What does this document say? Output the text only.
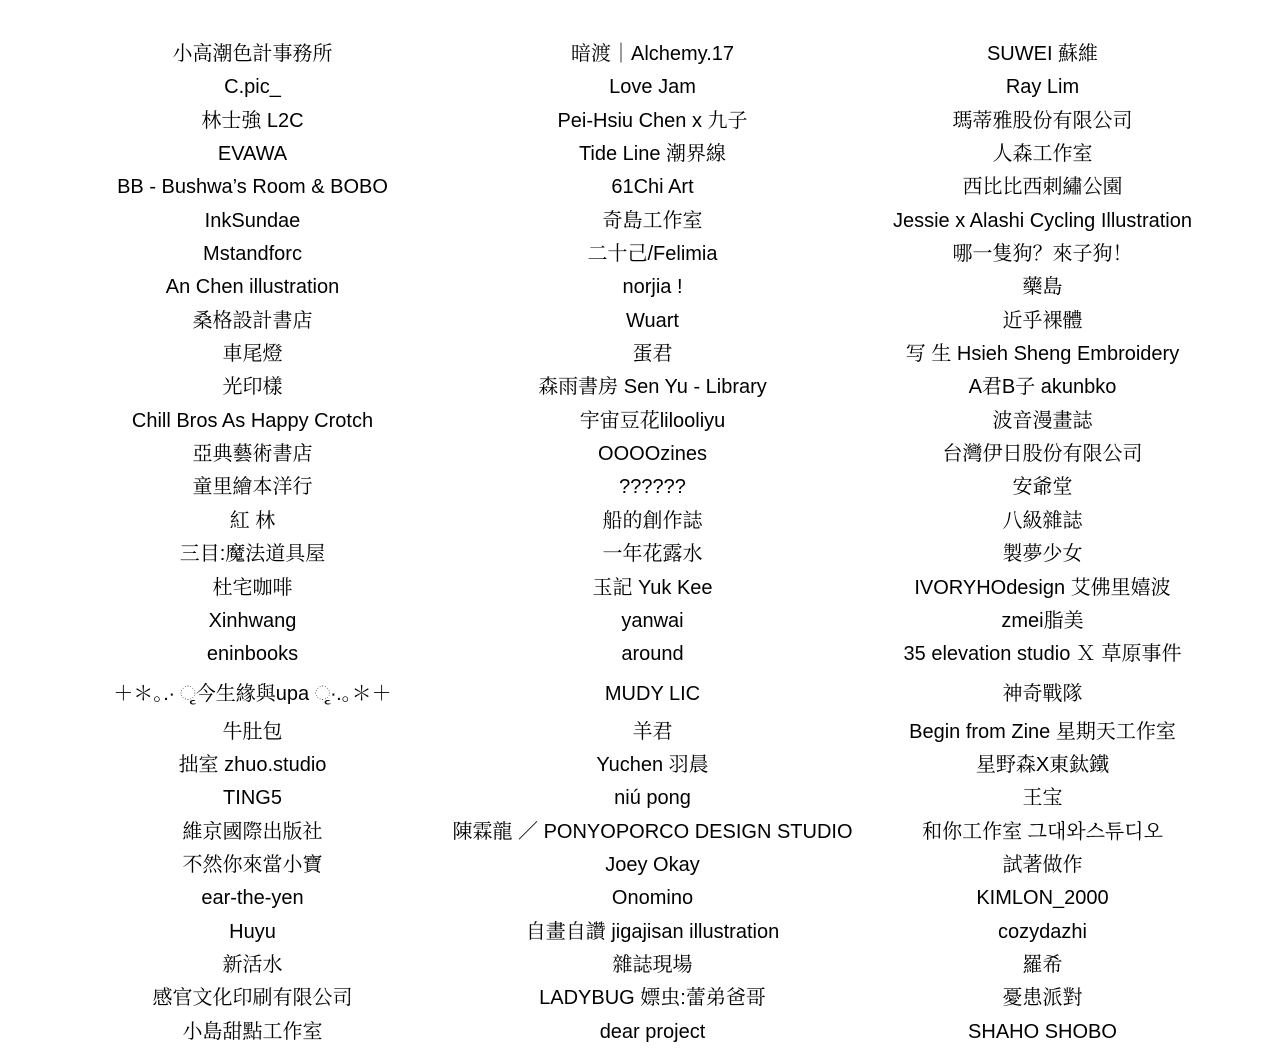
小高潮色計事務所
C.pic_
林士強 L2C
EVAWA
BB - Bushwa’s Room & BOBO
InkSundae
Mstandforc
An Chen illustration
桑格設計書店
車尾燈
光印樣
Chill Bros As Happy Crotch
亞典藝術書店
童里繪本洋行
紅 林
三目:魔法道具屋
杜宅咖啡
Xinhwang
eninbooks
＋＊｡.∙ ૃ今生緣與upa ૃ∙.｡＊＋
牛肚包
拙室 zhuo.studio
TING5
維京國際出版社
不然你來當小寶
ear-the-yen
Huyu
新活水
感官文化印刷有限公司
小島甜點工作室
暗渡｜Alchemy.17
Love Jam
Pei-Hsiu Chen x 九子
Tide Line 潮界線
61Chi Art
奇島工作室
二十己/Felimia
norjia !
Wuart
蛋君
森雨書房 Sen Yu - Library
宇宙豆花lilooliyu
OOOOzines
??????
船的創作誌
一年花露水
玉記 Yuk Kee
yanwai
around
MUDY LIC
羊君
Yuchen 羽晨
niú pong
陳霖龍 ／ PONYOPORCO DESIGN STUDIO
Joey Okay
Onomino
自畫自讚 jigajisan illustration
雜誌現場
LADYBUG 嫖虫:蕾弟爸哥
dear project
SUWEI 蘇維
Ray Lim
瑪蒂雅股份有限公司
人森工作室
西比比西刺繡公園
Jessie x Alashi Cycling Illustration
哪一隻狗？來子狗！
藥島
近乎裸體
写 生 Hsieh Sheng Embroidery
A君B子 akunbko
波音漫畫誌
台灣伊日股份有限公司
安爺堂
八級雜誌
製夢少女
IVORYHOdesign 艾佛里嬉波
zmei脂美
35 elevation studio Ｘ 草原事件
神奇戰隊
Begin from Zine 星期天工作室
星野森X東鈦鐵
王宝
和你工作室 그대와스튜디오
試著做作
KIMLON_2000
cozydazhi
羅希
憂患派對
SHAHO SHOBO
